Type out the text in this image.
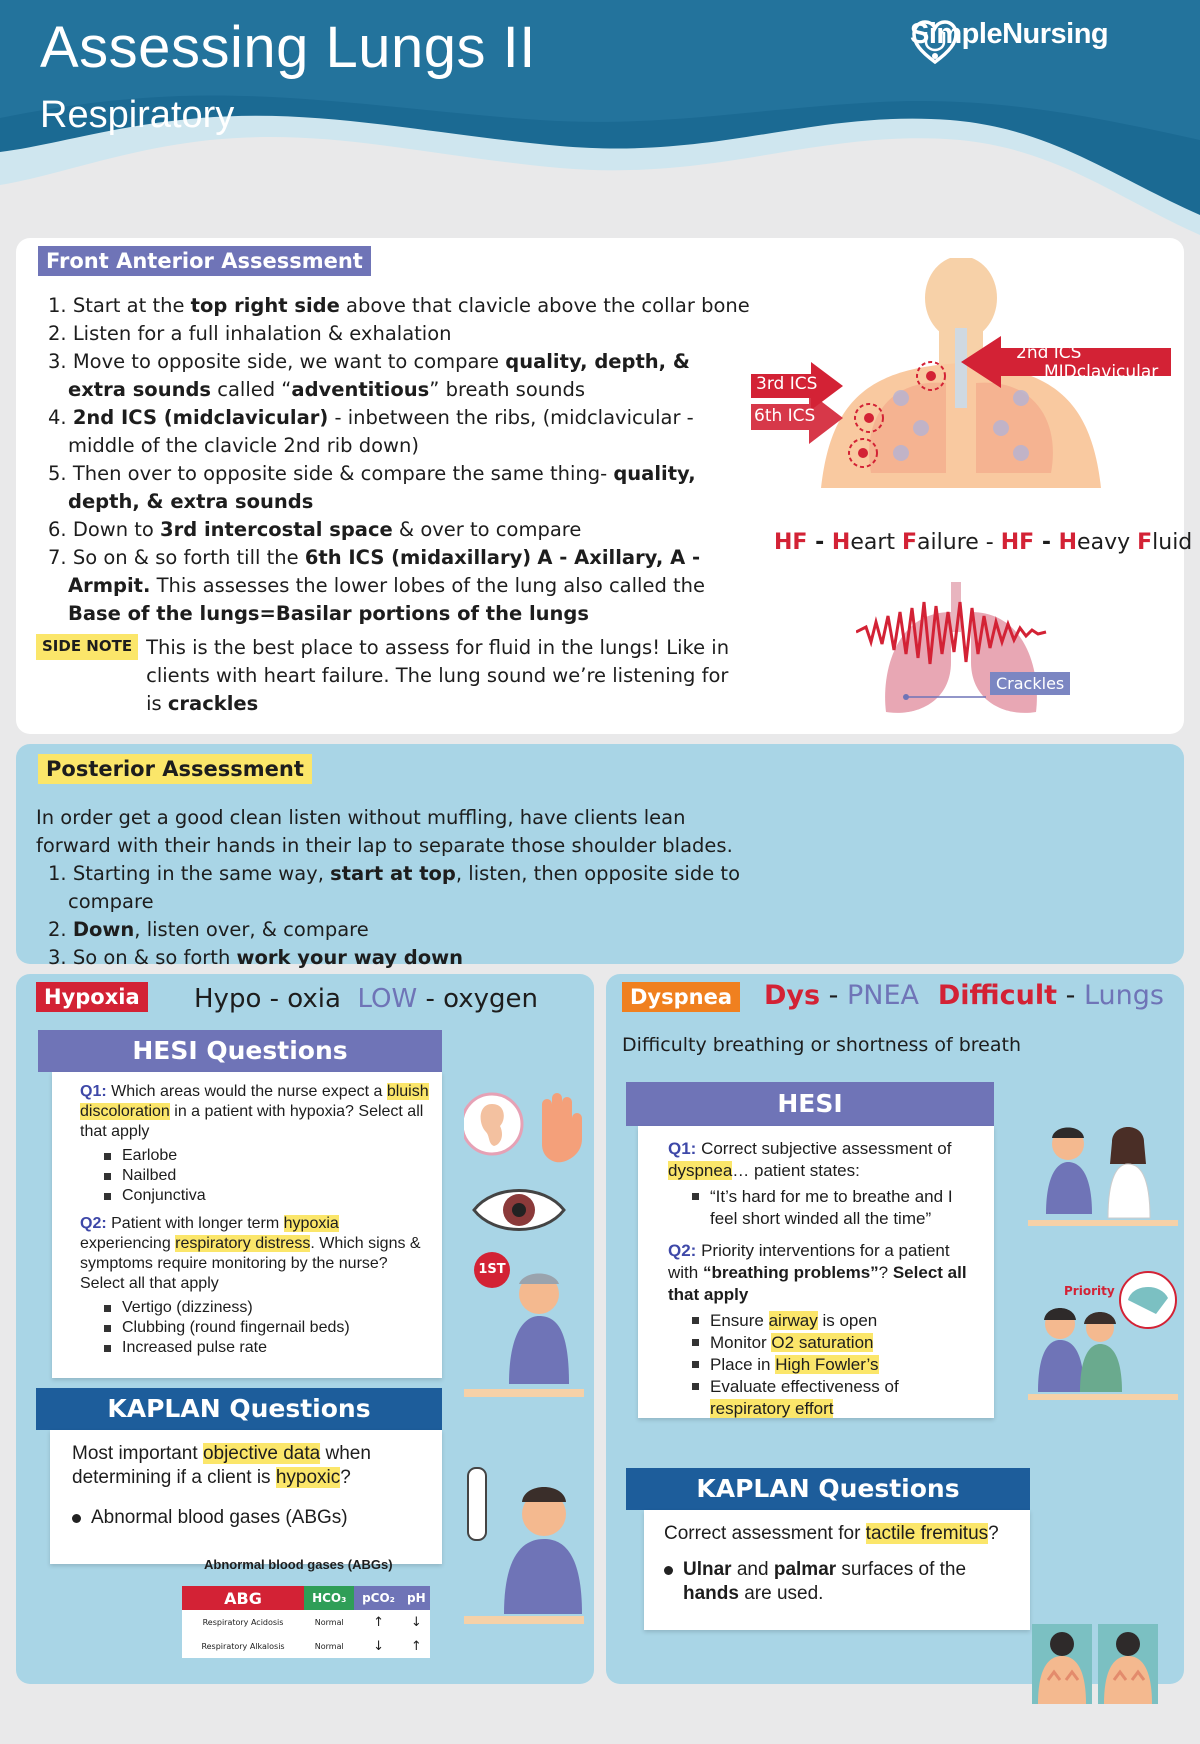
Assessing Lungs II
Respiratory
SimpleNursing
Front Anterior Assessment
1. Start at the top right side above that clavicle above the collar bone
2. Listen for a full inhalation & exhalation
3. Move to opposite side, we want to compare quality, depth, & extra sounds called “adventitious” breath sounds
4. 2nd ICS (midclavicular) - inbetween the ribs, (midclavicular - middle of the clavicle 2nd rib down)
5. Then over to opposite side & compare the same thing- quality, depth, & extra sounds
6. Down to 3rd intercostal space & over to compare
7. So on & so forth till the 6th ICS (midaxillary) A - Axillary, A - Armpit. This assesses the lower lobes of the lung also called the Base of the lungs=Basilar portions of the lungs
SIDE NOTE This is the best place to assess for fluid in the lungs! Like in clients with heart failure. The lung sound we’re listening for is crackles
3rd ICS
6th ICS
2nd ICS
MIDclavicular
HF - Heart Failure - HF - Heavy Fluid
Crackles
Posterior Assessment
In order get a good clean listen without muffling, have clients lean forward with their hands in their lap to separate those shoulder blades.
1. Starting in the same way, start at top, listen, then opposite side to compare
2. Down, listen over, & compare
3. So on & so forth work your way down
Hypoxia	Hypo - oxia LOW - oxygen
HESI Questions
Q1: Which areas would the nurse expect a bluish discoloration in a patient with hypoxia? Select all that apply
Earlobe
Nailbed
Conjunctiva
Q2: Patient with longer term hypoxia experiencing respiratory distress. Which signs & symptoms require monitoring by the nurse? Select all that apply
Vertigo (dizziness)
Clubbing (round fingernail beds)
Increased pulse rate
KAPLAN Questions
Most important objective data when determining if a client is hypoxic?
Abnormal blood gases (ABGs)
Abnormal blood gases (ABGs)
ABG	HCO₃	pCO₂	pH
Respiratory Acidosis	Normal	↑	↓
Respiratory Alkalosis	Normal	↓	↑
1ST
Dyspnea Dys - PNEA Difficult - Lungs
Difficulty breathing or shortness of breath
HESI
Q1: Correct subjective assessment of dyspnea… patient states:
“It’s hard for me to breathe and I feel short winded all the time”
Q2: Priority interventions for a patient with “breathing problems”? Select all that apply
Ensure airway is open
Monitor O2 saturation
Place in High Fowler’s
Evaluate effectiveness of respiratory effort
KAPLAN Questions
Correct assessment for tactile fremitus?
Ulnar and palmar surfaces of the hands are used.
Priority
